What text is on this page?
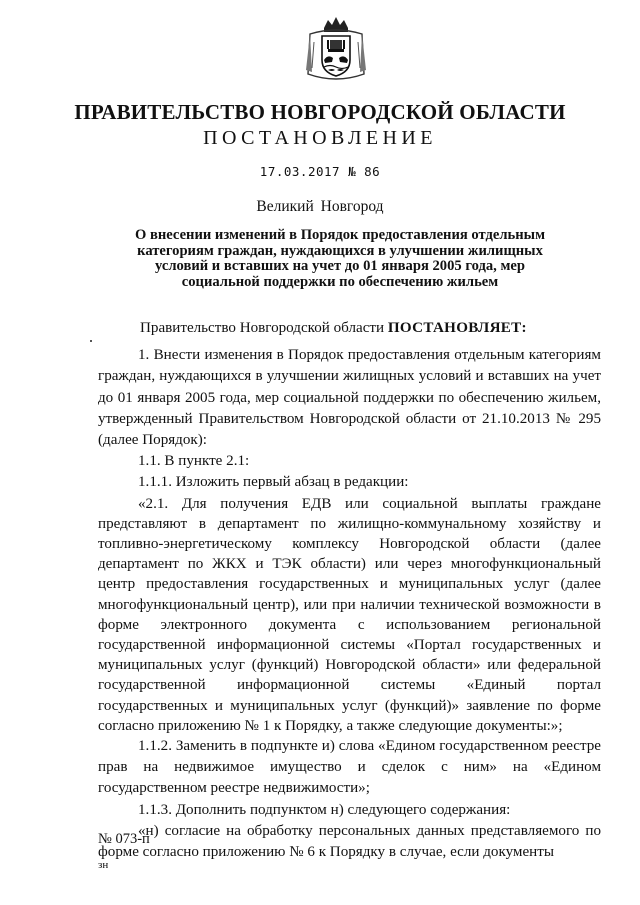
ПРАВИТЕЛЬСТВО НОВГОРОДСКОЙ ОБЛАСТИ
ПОСТАНОВЛЕНИЕ
17.03.2017 № 86
Великий Новгород
О внесении изменений в Порядок предоставления отдельным категориям граждан, нуждающихся в улучшении жилищных условий и вставших на учет до 01 января 2005 года, мер социальной поддержки по обеспечению жильем

Правительство Новгородской области ПОСТАНОВЛЯЕТ:

1. Внести изменения в Порядок предоставления отдельным категориям граждан, нуждающихся в улучшении жилищных условий и вставших на учет до 01 января 2005 года, мер социальной поддержки по обеспечению жильем, утвержденный Правительством Новгородской области от 21.10.2013 № 295 (далее Порядок):

1.1. В пункте 2.1:

1.1.1. Изложить первый абзац в редакции:

«2.1. Для получения ЕДВ или социальной выплаты граждане представляют в департамент по жилищно-коммунальному хозяйству и топливно-энергетическому комплексу Новгородской области (далее департамент по ЖКХ и ТЭК области) или через многофункциональный центр предоставления государственных и муниципальных услуг (далее многофункциональный центр), или при наличии технической возможности в форме электронного документа с использованием региональной государственной информационной системы «Портал государственных и муниципальных услуг (функций) Новгородской области» или федеральной государственной информационной системы «Единый портал государственных и муниципальных услуг (функций)» заявление по форме согласно приложению № 1 к Порядку, а также следующие документы:»;

1.1.2. Заменить в подпункте и) слова «Едином государственном реестре прав на недвижимое имущество и сделок с ним» на «Едином государственном реестре недвижимости»;

1.1.3. Дополнить подпунктом н) следующего содержания:

«н) согласие на обработку персональных данных представляемого по форме согласно приложению № 6 к Порядку в случае, если документы

зн
№ 073-п
